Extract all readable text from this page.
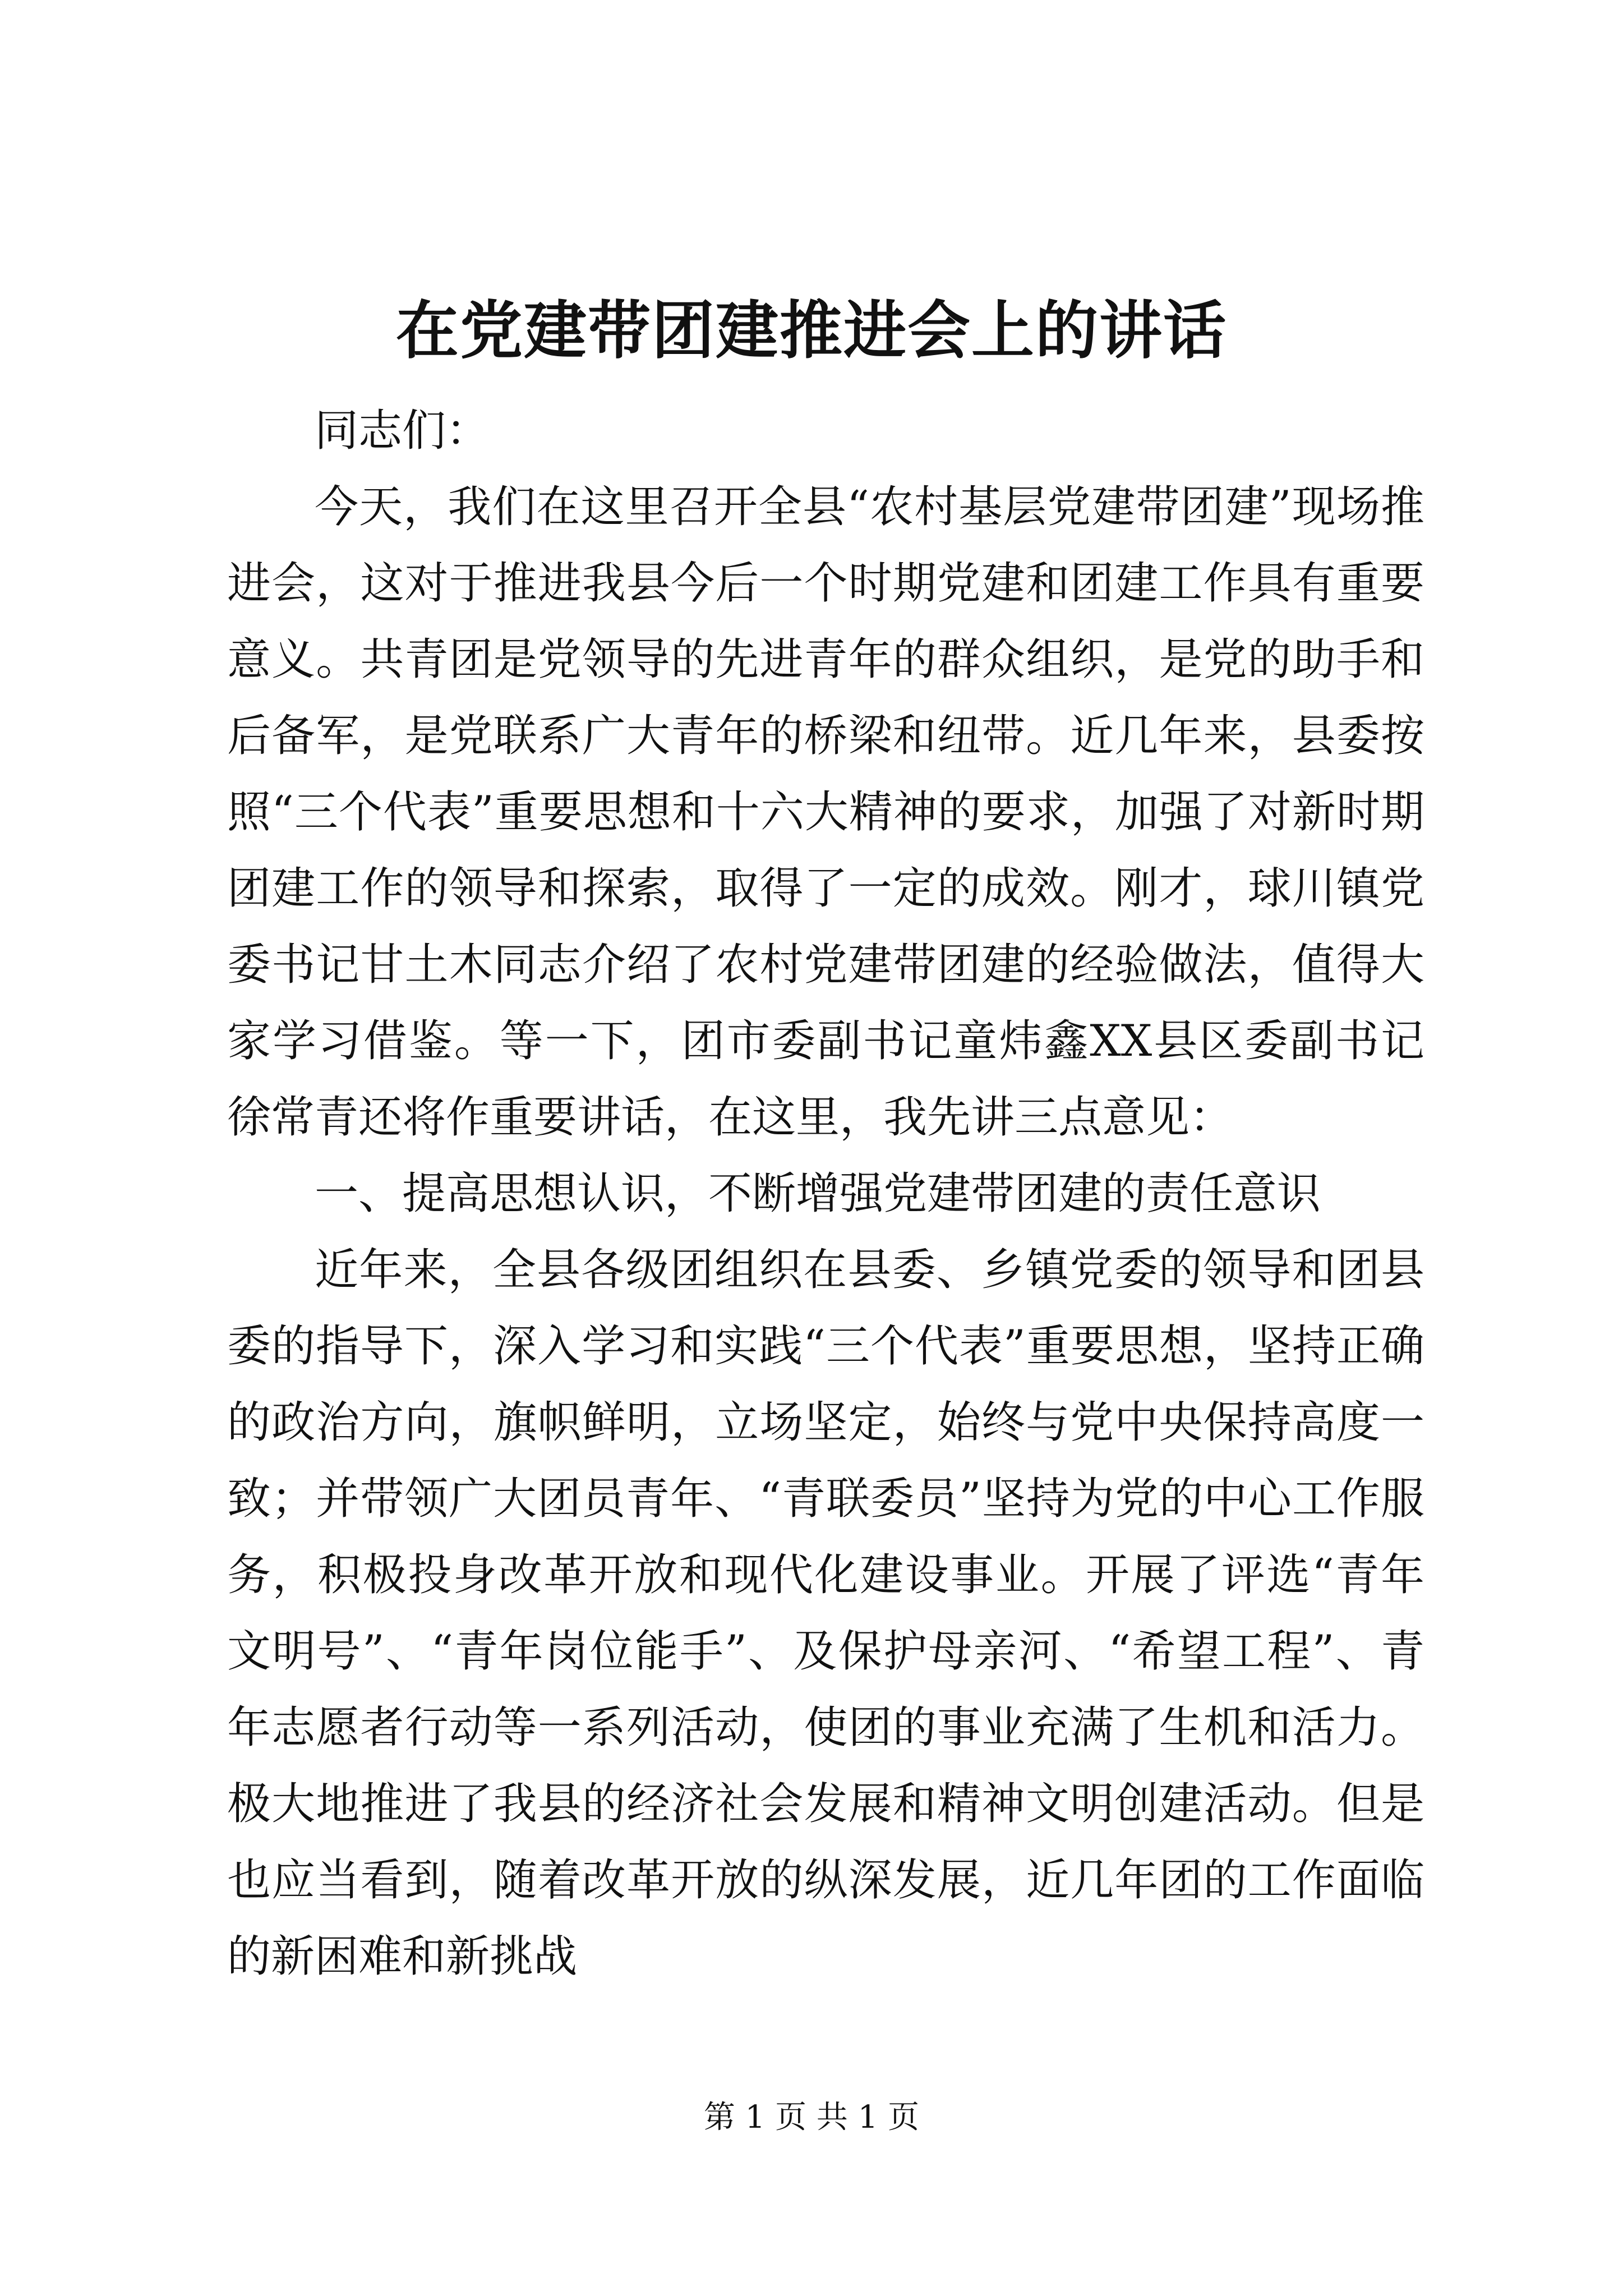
在党建带团建推进会上的讲话

同志们：

今天，我们在这里召开全县“农村基层党建带团建”现场推进会，这对于推进我县今后一个时期党建和团建工作具有重要意义。共青团是党领导的先进青年的群众组织，是党的助手和后备军，是党联系广大青年的桥梁和纽带。近几年来，县委按照“三个代表”重要思想和十六大精神的要求，加强了对新时期团建工作的领导和探索，取得了一定的成效。刚才，球川镇党委书记甘土木同志介绍了农村党建带团建的经验做法，值得大家学习借鉴。等一下，团市委副书记童炜鑫XX县区委副书记徐常青还将作重要讲话，在这里，我先讲三点意见：

一、提高思想认识，不断增强党建带团建的责任意识

近年来，全县各级团组织在县委、乡镇党委的领导和团县委的指导下，深入学习和实践“三个代表”重要思想，坚持正确的政治方向，旗帜鲜明，立场坚定，始终与党中央保持高度一致；并带领广大团员青年、“青联委员”坚持为党的中心工作服务，积极投身改革开放和现代化建设事业。开展了评选“青年文明号”、“青年岗位能手”、及保护母亲河、“希望工程”、青年志愿者行动等一系列活动，使团的事业充满了生机和活力。极大地推进了我县的经济社会发展和精神文明创建活动。但是也应当看到，随着改革开放的纵深发展，近几年团的工作面临的新困难和新挑战

第 1 页 共 1 页
